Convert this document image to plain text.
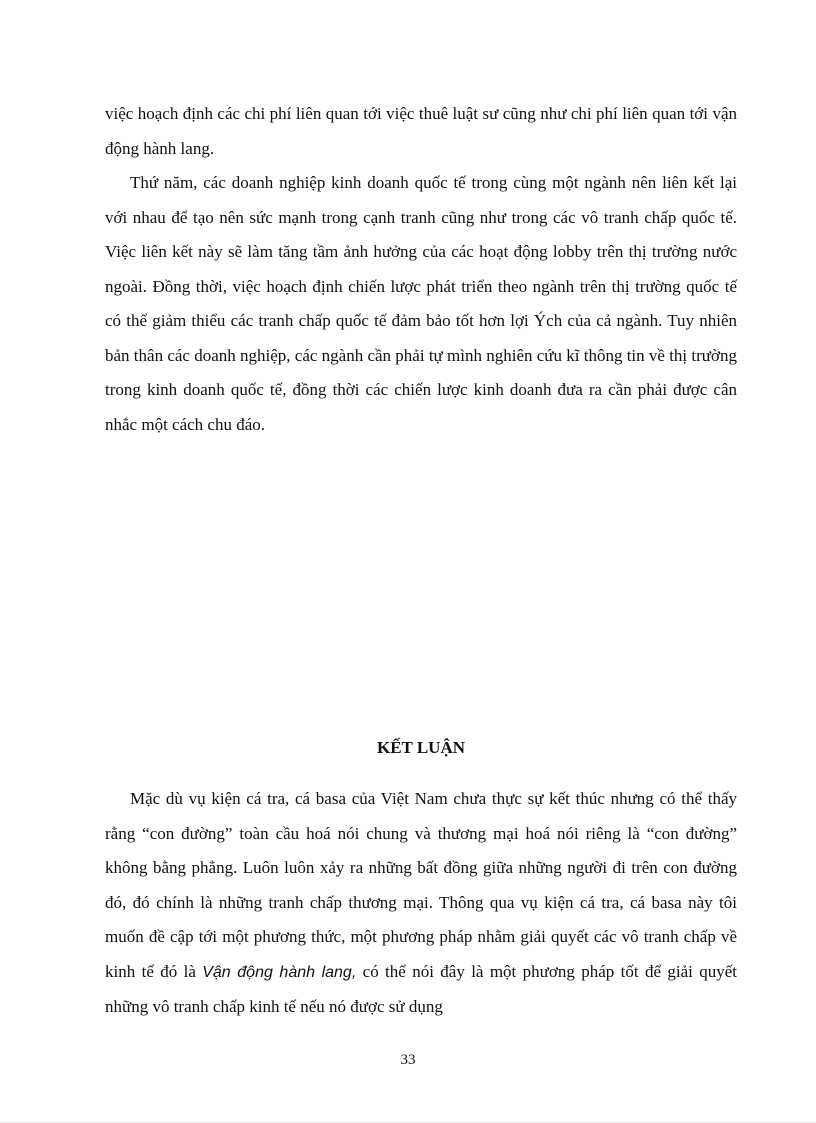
việc hoạch định các chi phí liên quan tới việc thuê luật sư cũng như chi phí liên quan tới vận động hành lang.

Thứ năm, các doanh nghiệp kinh doanh quốc tế trong cùng một ngành nên liên kết lại với nhau để tạo nên sức mạnh trong cạnh tranh cũng như trong các vô tranh chấp quốc tế. Việc liên kết này sẽ làm tăng tầm ảnh hưởng của các hoạt động lobby trên thị trường nước ngoài. Đồng thời, việc hoạch định chiến lược phát triển theo ngành trên thị trường quốc tế có thể giảm thiểu các tranh chấp quốc tế đảm bảo tốt hơn lợi Ých của cả ngành. Tuy nhiên bản thân các doanh nghiệp, các ngành cần phải tự mình nghiên cứu kĩ thông tin về thị trường trong kinh doanh quốc tế, đồng thời các chiến lược kinh doanh đưa ra cần phải được cân nhắc một cách chu đáo.

KẾT LUẬN

Mặc dù vụ kiện cá tra, cá basa của Việt Nam chưa thực sự kết thúc nhưng có thể thấy rằng “con đường” toàn cầu hoá nói chung và thương mại hoá nói riêng là “con đường” không bằng phẳng. Luôn luôn xảy ra những bất đồng giữa những người đi trên con đường đó, đó chính là những tranh chấp thương mại. Thông qua vụ kiện cá tra, cá basa này tôi muốn đề cập tới một phương thức, một phương pháp nhằm giải quyết các vô tranh chấp về kinh tế đó là Vận động hành lang, có thể nói đây là một phương pháp tốt để giải quyết những vô tranh chấp kinh tế nếu nó được sử dụng

33
